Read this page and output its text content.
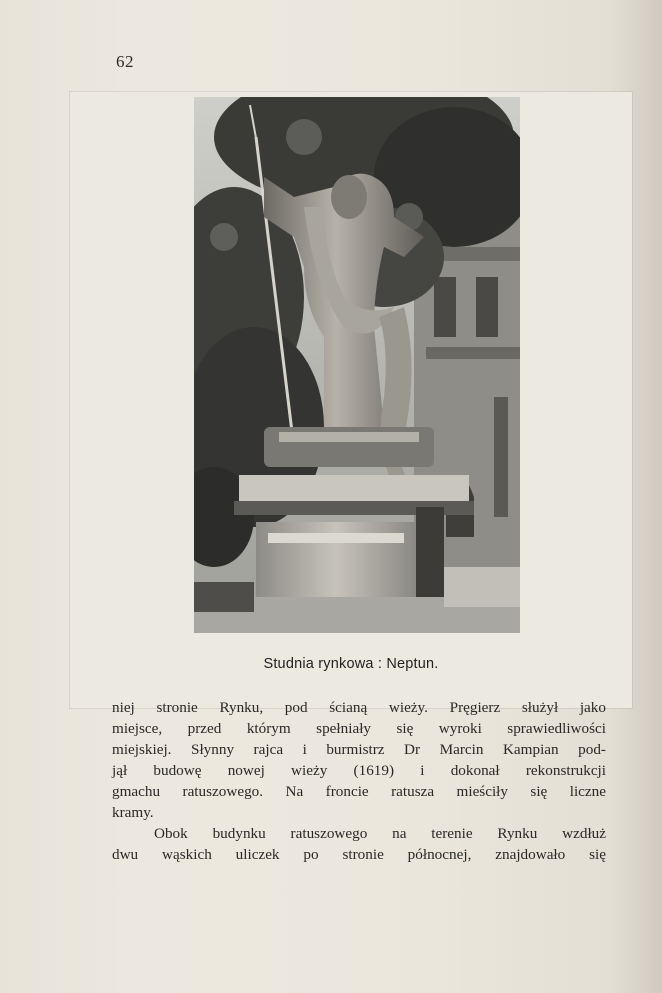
62
Studnia rynkowa : Neptun.
niej stronie Rynku, pod ścianą wieży. Pręgierz służył jako
miejsce, przed którym spełniały się wyroki sprawiedliwości
miejskiej. Słynny rajca i burmistrz Dr Marcin Kampian pod-
jął budowę nowej wieży (1619) i dokonał rekonstrukcji
gmachu ratuszowego. Na froncie ratusza mieściły się liczne
kramy.
Obok budynku ratuszowego na terenie Rynku wzdłuż
dwu wąskich uliczek po stronie północnej, znajdowało się
